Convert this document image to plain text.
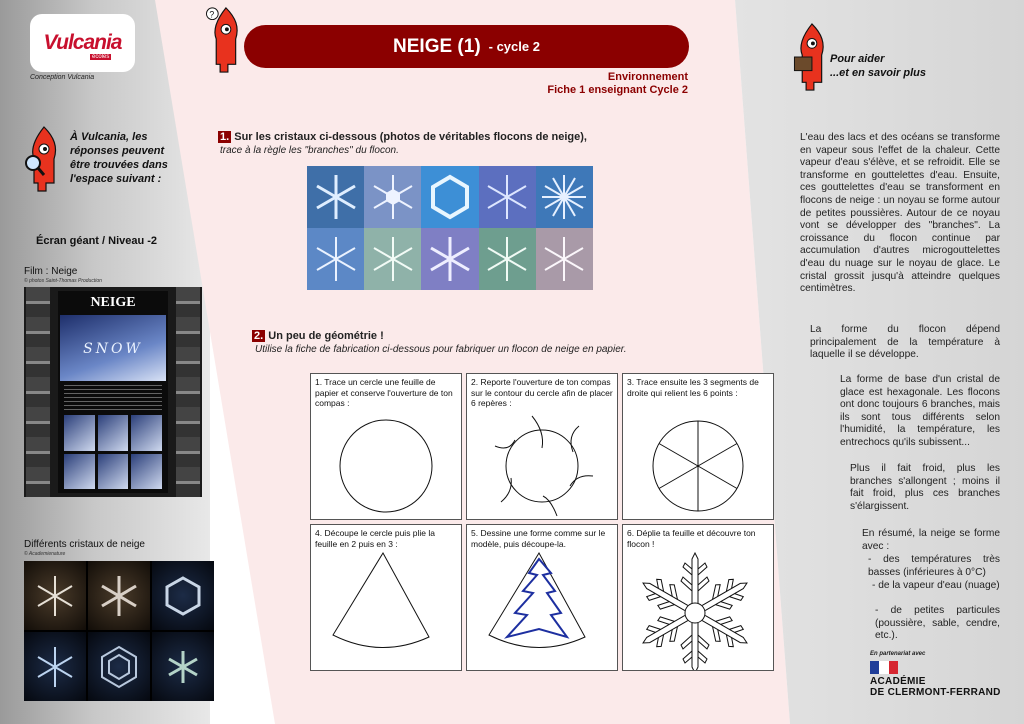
Vulcania
écoles
Conception Vulcania
À Vulcania, les réponses peuvent être trouvées dans l'espace suivant :
Écran géant / Niveau -2
Film : Neige
© photos Saint-Thomas Production
NEIGE
SNOW
Différents cristaux de neige
© Academienature
?
NEIGE (1) - cycle 2
Environnement
Fiche 1 enseignant Cycle 2
1. Sur les cristaux ci-dessous (photos de véritables flocons de neige),
trace à la règle les "branches" du flocon.
2. Un peu de géométrie !
Utilise la fiche de fabrication ci-dessous pour fabriquer un flocon de neige en papier.
1. Trace un cercle une feuille de papier et conserve l'ouverture de ton compas :
2. Reporte l'ouverture de ton compas sur le contour du cercle afin de placer 6 repères :
3. Trace ensuite les 3 segments de droite qui relient les 6 points :
4. Découpe le cercle puis plie la feuille en 2 puis en 3 :
5. Dessine une forme comme sur le modèle, puis découpe-la.
6. Déplie ta feuille et découvre ton flocon !
Pour aider
...et en savoir plus
L'eau des lacs et des océans se transforme en vapeur sous l'effet de la chaleur. Cette vapeur d'eau s'élève, et se refroidit. Elle se transforme en gouttelettes d'eau. Ensuite, ces gouttelettes d'eau se transforment en flocons de neige : un noyau se forme autour de petites poussières. Autour de ce noyau vont se développer des "branches". La croissance du flocon continue par accumulation d'autres microgouttelettes d'eau du nuage sur le noyau de glace. Le cristal grossit jusqu'à atteindre quelques centimètres.
La forme du flocon dépend principalement de la température à laquelle il se développe.
La forme de base d'un cristal de glace est hexagonale. Les flocons ont donc toujours 6 branches, mais ils sont tous différents selon l'humidité, la température, les entrechocs qu'ils subissent...
Plus il fait froid, plus les branches s'allongent ; moins il fait froid, plus ces branches s'élargissent.
En résumé, la neige se forme avec :
- des températures très basses (inférieures à 0°C)
- de la vapeur d'eau (nuage)
- de petites particules (poussière, sable, cendre, etc.).
En partenariat avec
ACADÉMIE
DE CLERMONT-FERRAND
